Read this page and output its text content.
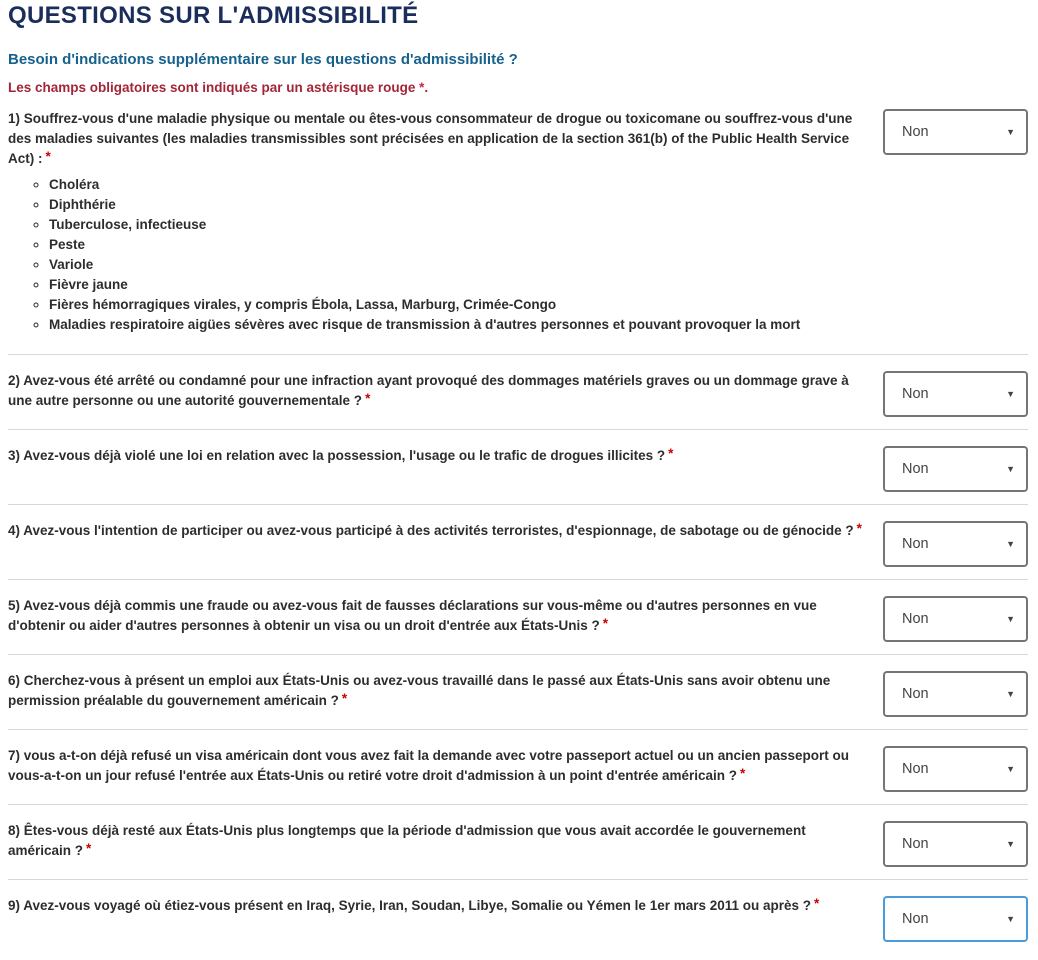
QUESTIONS SUR L'ADMISSIBILITÉ
Besoin d'indications supplémentaire sur les questions d'admissibilité ?

Les champs obligatoires sont indiqués par un astérisque rouge *.

1) Souffrez-vous d'une maladie physique ou mentale ou êtes-vous consommateur de drogue ou toxicomane ou souffrez-vous d'une des maladies suivantes (les maladies transmissibles sont précisées en application de la section 361(b) of the Public Health Service Act) : *

◦ Choléra
◦ Diphthérie
◦ Tuberculose, infectieuse
◦ Peste
◦ Variole
◦ Fièvre jaune
◦ Fières hémorragiques virales, y compris Ébola, Lassa, Marburg, Crimée-Congo
◦ Maladies respiratoire aigües sévères avec risque de transmission à d'autres personnes et pouvant provoquer la mort
Non
▼

2) Avez-vous été arrêté ou condamné pour une infraction ayant provoqué des dommages matériels graves ou un dommage grave à une autre personne ou une autorité gouvernementale ? *

Non	▼

3) Avez-vous déjà violé une loi en relation avec la possession, l'usage ou le trafic de drogues illicites ? *

Non
▼

4) Avez-vous l'intention de participer ou avez-vous participé à des activités terroristes, d'espionnage, de sabotage ou de génocide ? *

Non
▼

5) Avez-vous déjà commis une fraude ou avez-vous fait de fausses déclarations sur vous-même ou d'autres personnes en vue d'obtenir ou aider d'autres personnes à obtenir un visa ou un droit d'entrée aux États-Unis ? *

Non	▼

6) Cherchez-vous à présent un emploi aux États-Unis ou avez-vous travaillé dans le passé aux États-Unis sans avoir obtenu une permission préalable du gouvernement américain ? *

Non	▼

7) vous a-t-on déjà refusé un visa américain dont vous avez fait la demande avec votre passeport actuel ou un ancien passeport ou vous-a-t-on un jour refusé l'entrée aux États-Unis ou retiré votre droit d'admission à un point d'entrée américain ? *

Non	▼

8) Êtes-vous déjà resté aux États-Unis plus longtemps que la période d'admission que vous avait accordée le gouvernement américain ? *

Non	▼

9) Avez-vous voyagé où étiez-vous présent en Iraq, Syrie, Iran, Soudan, Libye, Somalie ou Yémen le 1er mars 2011 ou après ? *

Non
▼
